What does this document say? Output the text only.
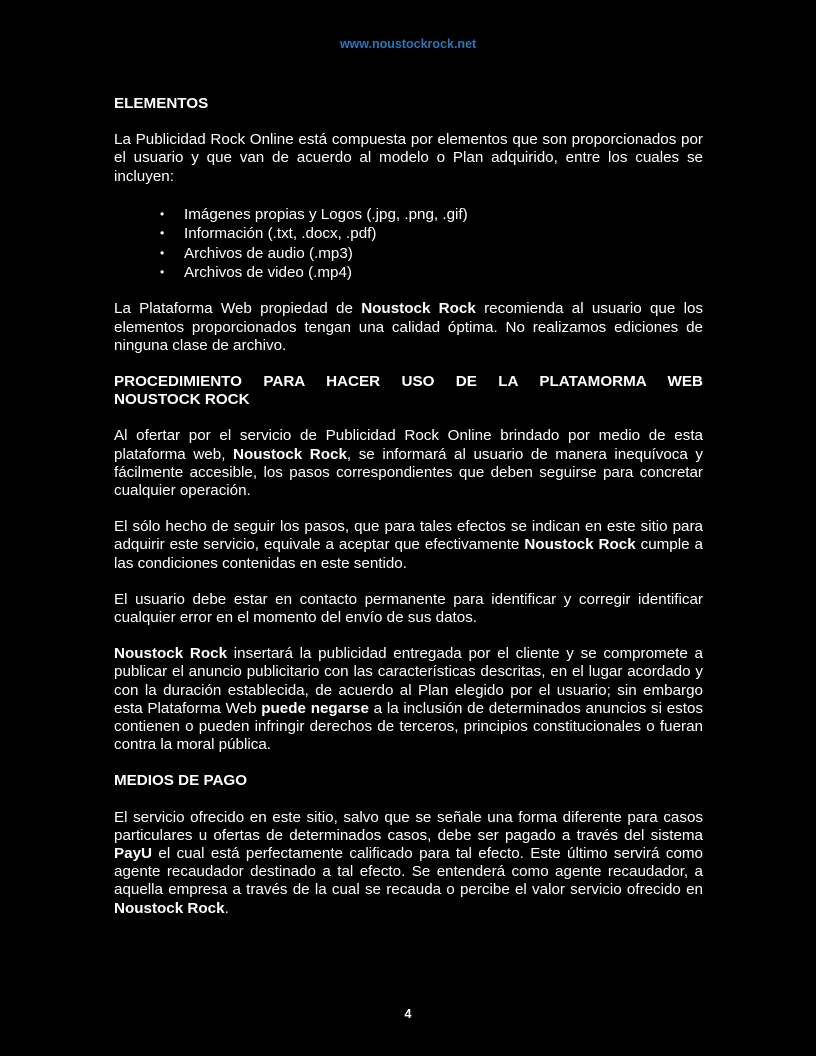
www.noustockrock.net
ELEMENTOS

La Publicidad Rock Online está compuesta por elementos que son proporcionados por el usuario y que van de acuerdo al modelo o Plan adquirido, entre los cuales se incluyen:

• Imágenes propias y Logos (.jpg, .png, .gif)
• Información (.txt, .docx, .pdf)
• Archivos de audio (.mp3)
• Archivos de video (.mp4)

La Plataforma Web propiedad de Noustock Rock recomienda al usuario que los elementos proporcionados tengan una calidad óptima. No realizamos ediciones de ninguna clase de archivo.

PROCEDIMIENTO PARA HACER USO DE LA PLATAMORMA WEB
NOUSTOCK ROCK

Al ofertar por el servicio de Publicidad Rock Online brindado por medio de esta plataforma web, Noustock Rock, se informará al usuario de manera inequívoca y fácilmente accesible, los pasos correspondientes que deben seguirse para concretar cualquier operación.

El sólo hecho de seguir los pasos, que para tales efectos se indican en este sitio para adquirir este servicio, equivale a aceptar que efectivamente Noustock Rock cumple a las condiciones contenidas en este sentido.

El usuario debe estar en contacto permanente para identificar y corregir identificar cualquier error en el momento del envío de sus datos.

Noustock Rock insertará la publicidad entregada por el cliente y se compromete a publicar el anuncio publicitario con las características descritas, en el lugar acordado y con la duración establecida, de acuerdo al Plan elegido por el usuario; sin embargo esta Plataforma Web puede negarse a la inclusión de determinados anuncios si estos contienen o pueden infringir derechos de terceros, principios constitucionales o fueran contra la moral pública.

MEDIOS DE PAGO

El servicio ofrecido en este sitio, salvo que se señale una forma diferente para casos particulares u ofertas de determinados casos, debe ser pagado a través del sistema PayU el cual está perfectamente calificado para tal efecto. Este último servirá como agente recaudador destinado a tal efecto. Se entenderá como agente recaudador, a aquella empresa a través de la cual se recauda o percibe el valor servicio ofrecido en Noustock Rock.

4
